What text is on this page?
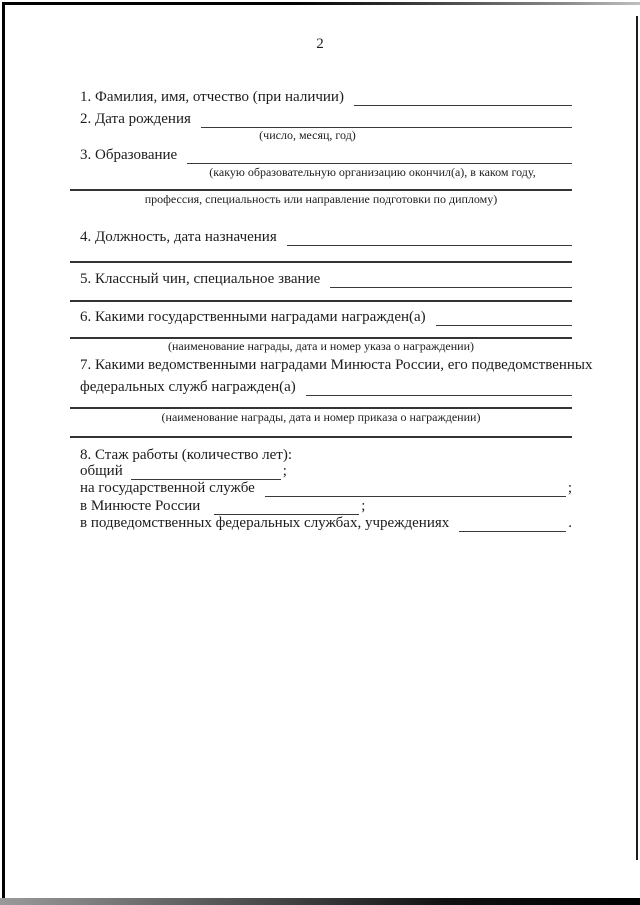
2
1. Фамилия, имя, отчество (при наличии)
2. Дата рождения
(число, месяц, год)
3. Образование
(какую образовательную организацию окончил(а), в каком году,
профессия, специальность или направление подготовки по диплому)
4. Должность, дата назначения
5. Классный чин, специальное звание
6. Какими государственными наградами награжден(а)
(наименование награды, дата и номер указа о награждении)
7. Какими ведомственными наградами Минюста России, его подведомственных
федеральных служб награжден(а)
(наименование награды, дата и номер приказа о награждении)
8. Стаж работы (количество лет):
общий	;
на государственной службе	;
в Минюсте России	;
в подведомственных федеральных службах, учреждениях	.
